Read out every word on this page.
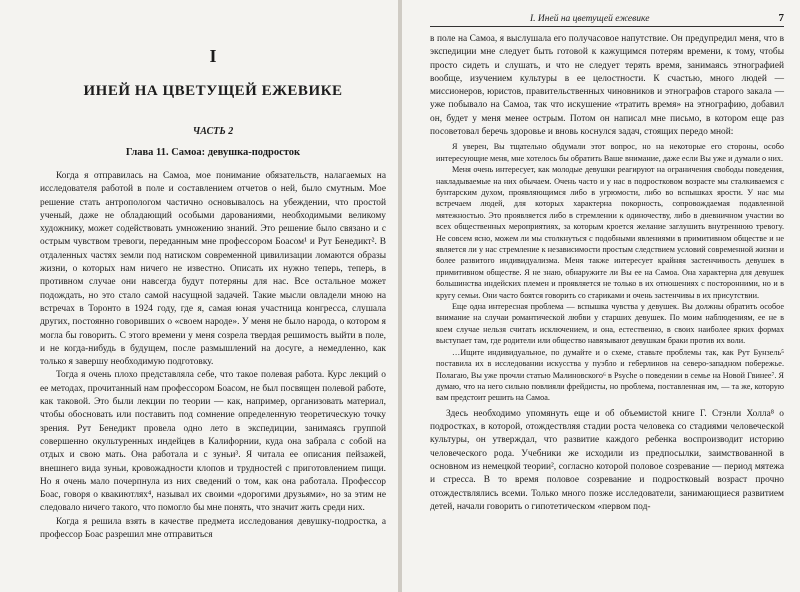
I
ИНЕЙ НА ЦВЕТУЩЕЙ ЕЖЕВИКЕ
ЧАСТЬ 2
Глава 11. Самоа: девушка-подросток

Когда я отправилась на Самоа, мое понимание обязательств, налагаемых на исследователя работой в поле и составлением отчетов о ней, было смутным. Мое решение стать антропологом частично основывалось на убеждении, что простой ученый, даже не обладающий особыми дарованиями, необходимыми великому художнику, может содействовать умножению знаний. Это решение было связано и с острым чувством тревоги, переданным мне профессором Боасом¹ и Рут Бенедикт². В отдаленных частях земли под натиском современной цивилизации ломаются образы жизни, о которых нам ничего не известно. Описать их нужно теперь, теперь, в противном случае они навсегда будут потеряны для нас. Все остальное может подождать, но это стало самой насущной задачей. Такие мысли овладели мною на встречах в Торонто в 1924 году, где я, самая юная участница конгресса, слушала других, постоянно говоривших о «своем народе». У меня не было народа, о котором я могла бы говорить. С этого времени у меня созрела твердая решимость выйти в поле, и не когда-нибудь в будущем, после размышлений на досуге, а немедленно, как только я завершу необходимую подготовку.

Тогда я очень плохо представляла себе, что такое полевая работа. Курс лекций о ее методах, прочитанный нам профессором Боасом, не был посвящен полевой работе, как таковой. Это были лекции по теории — как, например, организовать материал, чтобы обосновать или поставить под сомнение определенную теоретическую точку зрения. Рут Бенедикт провела одно лето в экспедиции, занимаясь группой совершенно окультуренных индейцев в Калифорнии, куда она забрала с собой на отдых и свою мать. Она работала и с зуньи³. Я читала ее описания пейзажей, внешнего вида зуньи, кровожадности клопов и трудностей с приготовлением пищи. Но я очень мало почерпнула из них сведений о том, как она работала. Профессор Боас, говоря о квакиютлях⁴, называл их своими «дорогими друзьями», но за этим не следовало ничего такого, что помогло бы мне понять, что значит жить среди них.

Когда я решила взять в качестве предмета исследования девушку-подростка, а профессор Боас разрешил мне отправиться

I. Иней на цветущей ежевике	7

в поле на Самоа, я выслушала его получасовое напутствие. Он предупредил меня, что в экспедиции мне следует быть готовой к кажущимся потерям времени, к тому, чтобы просто сидеть и слушать, и что не следует терять время, занимаясь этнографией вообще, изучением культуры в ее целостности. К счастью, много людей — миссионеров, юристов, правительственных чиновников и этнографов старого закала — уже побывало на Самоа, так что искушение «тратить время» на этнографию, добавил он, будет у меня менее острым. Потом он написал мне письмо, в котором еще раз посоветовал беречь здоровье и вновь коснулся задач, стоящих передо мной:

Я уверен, Вы тщательно обдумали этот вопрос, но на некоторые его стороны, особо интересующие меня, мне хотелось бы обратить Ваше внимание, даже если Вы уже и думали о них.

Меня очень интересует, как молодые девушки реагируют на ограничения свободы поведения, накладываемые на них обычаем. Очень часто и у нас в подростковом возрасте мы сталкиваемся с бунтарским духом, проявляющимся либо в угрюмости, либо во вспышках ярости. У нас мы встречаем людей, для которых характерна покорность, сопровождаемая подавленной мятежностью. Это проявляется либо в стремлении к одиночеству, либо в дневничном участии во всех общественных мероприятиях, за которым кроется желание заглушить внутреннюю тревогу. Не совсем ясно, можем ли мы столкнуться с подобными явлениями в примитивном обществе и не является ли у нас стремление к независимости простым следствием условий современной жизни и более развитого индивидуализма. Меня также интересует крайняя застенчивость девушек в примитивном обществе. Я не знаю, обнаружите ли Вы ее на Самоа. Она характерна для девушек большинства индейских племен и проявляется не только в их отношениях с посторонними, но и в кругу семьи. Они часто боятся говорить со стариками и очень застенчивы в их присутствии.

Еще одна интересная проблема — вспышка чувства у девушек. Вы должны обратить особое внимание на случаи романтической любви у старших девушек. По моим наблюдениям, ее не в коем случае нельзя считать исключением, и она, естественно, в своих наиболее ярких формах выступает там, где родители или общество навязывают девушкам браки против их воли.

…Ищите индивидуальное, по думайте и о схеме, ставьте проблемы так, как Рут Бунзель⁵ поставила их в исследовании искусства у пуэбло и геберлинов на северо-западном побережье. Полагаю, Вы уже прочли статью Малиновского⁶ в Psyche о поведении в семье на Новой Гвинее⁷. Я думаю, что на него сильно повлияли фрейдисты, но проблема, поставленная им, — та же, которую вам предстоит решить на Самоа.

Здесь необходимо упомянуть еще и об объемистой книге Г. Стэнли Холла⁸ о подростках, в которой, отождествляя стадии роста человека со стадиями человеческой культуры, он утверждал, что развитие каждого ребенка воспроизводит историю человеческого рода. Учебники же исходили из предпосылки, заимствованной в основном из немецкой теории², согласно которой половое созревание — период мятежа и стресса. В то время половое созревание и подростковый возраст прочно отождествлялись всеми. Только много позже исследователи, занимающиеся развитием детей, начали говорить о гипотетическом «первом под-
